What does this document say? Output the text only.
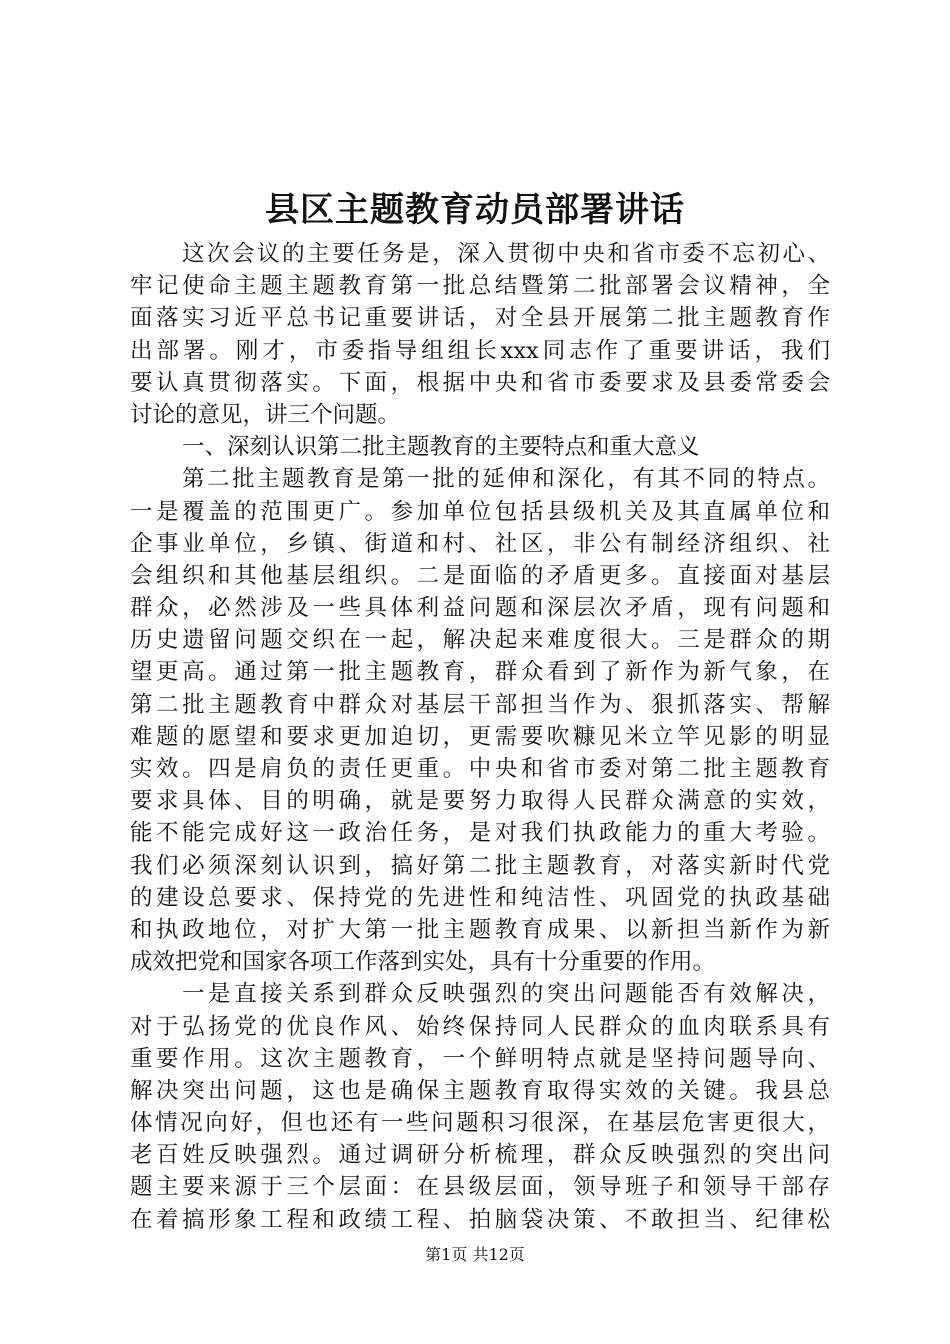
县区主题教育动员部署讲话
这次会议的主要任务是，深入贯彻中央和省市委不忘初心、
牢记使命主题主题教育第一批总结暨第二批部署会议精神，全
面落实习近平总书记重要讲话，对全县开展第二批主题教育作
出部署。刚才，市委指导组组长xxx同志作了重要讲话，我们
要认真贯彻落实。下面，根据中央和省市委要求及县委常委会
讨论的意见，讲三个问题。
一、深刻认识第二批主题教育的主要特点和重大意义
第二批主题教育是第一批的延伸和深化，有其不同的特点。
一是覆盖的范围更广。参加单位包括县级机关及其直属单位和
企事业单位，乡镇、街道和村、社区，非公有制经济组织、社
会组织和其他基层组织。二是面临的矛盾更多。直接面对基层
群众，必然涉及一些具体利益问题和深层次矛盾，现有问题和
历史遗留问题交织在一起，解决起来难度很大。三是群众的期
望更高。通过第一批主题教育，群众看到了新作为新气象，在
第二批主题教育中群众对基层干部担当作为、狠抓落实、帮解
难题的愿望和要求更加迫切，更需要吹糠见米立竿见影的明显
实效。四是肩负的责任更重。中央和省市委对第二批主题教育
要求具体、目的明确，就是要努力取得人民群众满意的实效，
能不能完成好这一政治任务，是对我们执政能力的重大考验。
我们必须深刻认识到，搞好第二批主题教育，对落实新时代党
的建设总要求、保持党的先进性和纯洁性、巩固党的执政基础
和执政地位，对扩大第一批主题教育成果、以新担当新作为新
成效把党和国家各项工作落到实处，具有十分重要的作用。
一是直接关系到群众反映强烈的突出问题能否有效解决，
对于弘扬党的优良作风、始终保持同人民群众的血肉联系具有
重要作用。这次主题教育，一个鲜明特点就是坚持问题导向、
解决突出问题，这也是确保主题教育取得实效的关键。我县总
体情况向好，但也还有一些问题积习很深，在基层危害更很大，
老百姓反映强烈。通过调研分析梳理，群众反映强烈的突出问
题主要来源于三个层面：在县级层面，领导班子和领导干部存
在着搞形象工程和政绩工程、拍脑袋决策、不敢担当、纪律松
第1页 共12页
